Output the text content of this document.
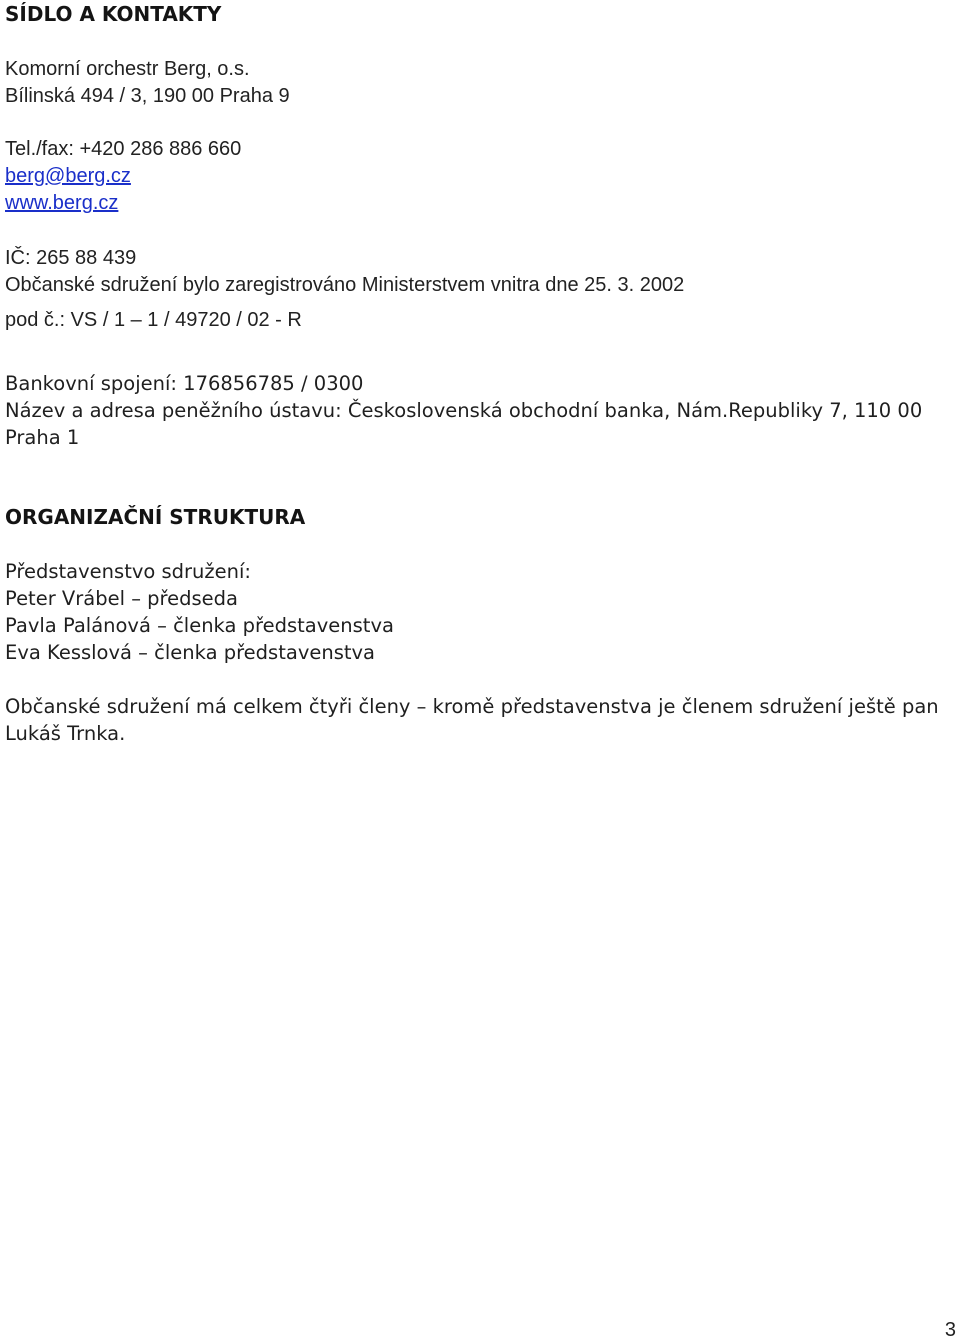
SÍDLO A KONTAKTY
Komorní orchestr Berg, o.s.
Bílinská 494 / 3, 190 00 Praha 9
Tel./fax: +420 286 886 660
berg@berg.cz
www.berg.cz
IČ: 265 88 439
Občanské sdružení bylo zaregistrováno Ministerstvem vnitra dne 25. 3. 2002
pod č.: VS / 1 – 1 / 49720 / 02 - R
Bankovní spojení: 176856785 / 0300
Název a adresa peněžního ústavu: Československá obchodní banka, Nám.Republiky 7, 110 00 Praha 1
ORGANIZAČNÍ STRUKTURA
Představenstvo sdružení:
Peter Vrábel – předseda
Pavla Palánová – členka představenstva
Eva Kesslová – členka představenstva
Občanské sdružení má celkem čtyři členy – kromě představenstva je členem sdružení ještě pan Lukáš Trnka.
3
